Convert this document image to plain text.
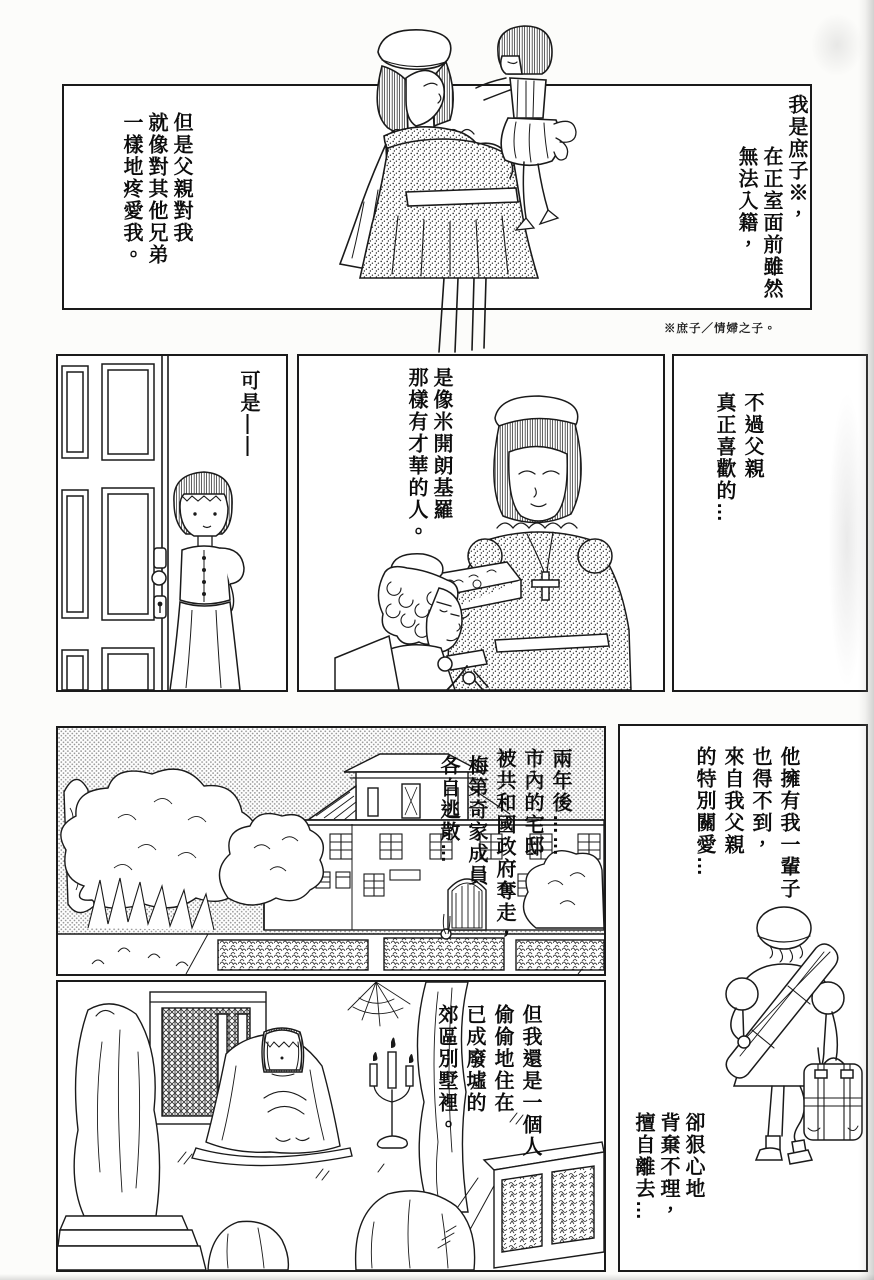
我是庶子※，
在正室面前雖然
無法入籍，
但是父親對我
就像對其他兄弟
一樣地疼愛我。
※庶子／情婦之子。
可是——	是像米開朗基羅
那樣有才華的人。	不過父親
真正喜歡的…
兩年後……
市內的宅邸
被共和國政府奪走，
梅第奇家成員
各自逃散…
但我還是一個人
偷偷地住在
已成廢墟的
郊區別墅裡。
他擁有我一輩子
也得不到，
來自我父親
的特別關愛…
卻狠心地
背棄不理，
擅自離去…
